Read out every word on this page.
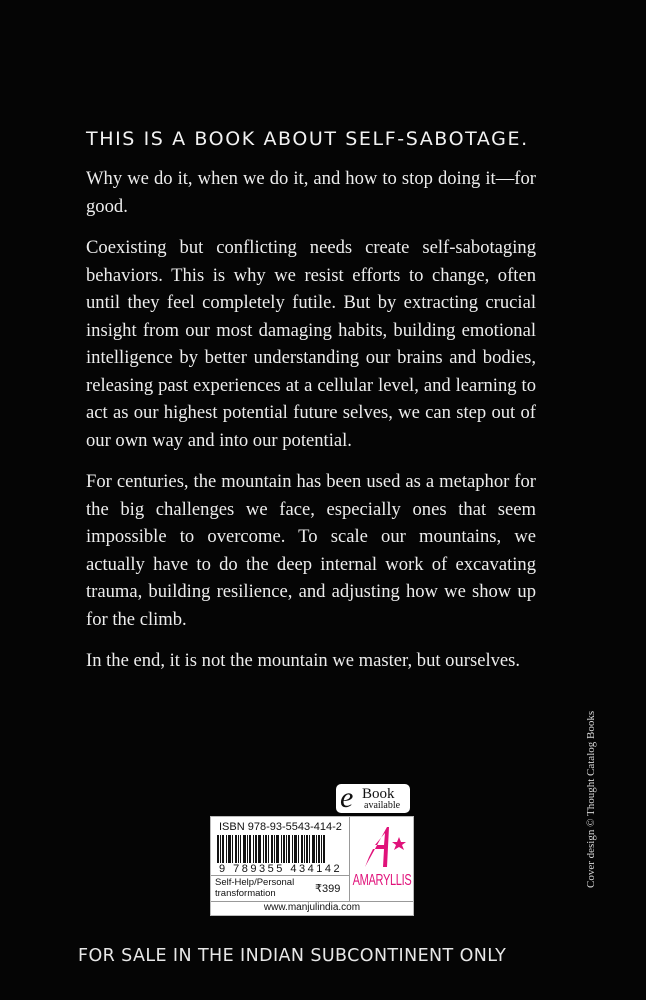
THIS IS A BOOK ABOUT SELF-SABOTAGE.

Why we do it, when we do it, and how to stop doing it—for good.

Coexisting but conflicting needs create self-sabotaging behaviors. This is why we resist efforts to change, often until they feel completely futile. But by extracting crucial insight from our most damaging habits, building emotional intelligence by better understanding our brains and bodies, releasing past experiences at a cellular level, and learning to act as our highest potential future selves, we can step out of our own way and into our potential.

For centuries, the mountain has been used as a metaphor for the big challenges we face, especially ones that seem impossible to overcome. To scale our mountains, we actually have to do the deep internal work of excavating trauma, building resilience, and adjusting how we show up for the climb.

In the end, it is not the mountain we master, but ourselves.

Cover design © Thought Catalog Books
e Book
available
ISBN 978-93-5543-414-2
9 789355 434142
Self-Help/Personal transformation	₹399 AMARYLLIS
www.manjulindia.com
FOR SALE IN THE INDIAN SUBCONTINENT ONLY
